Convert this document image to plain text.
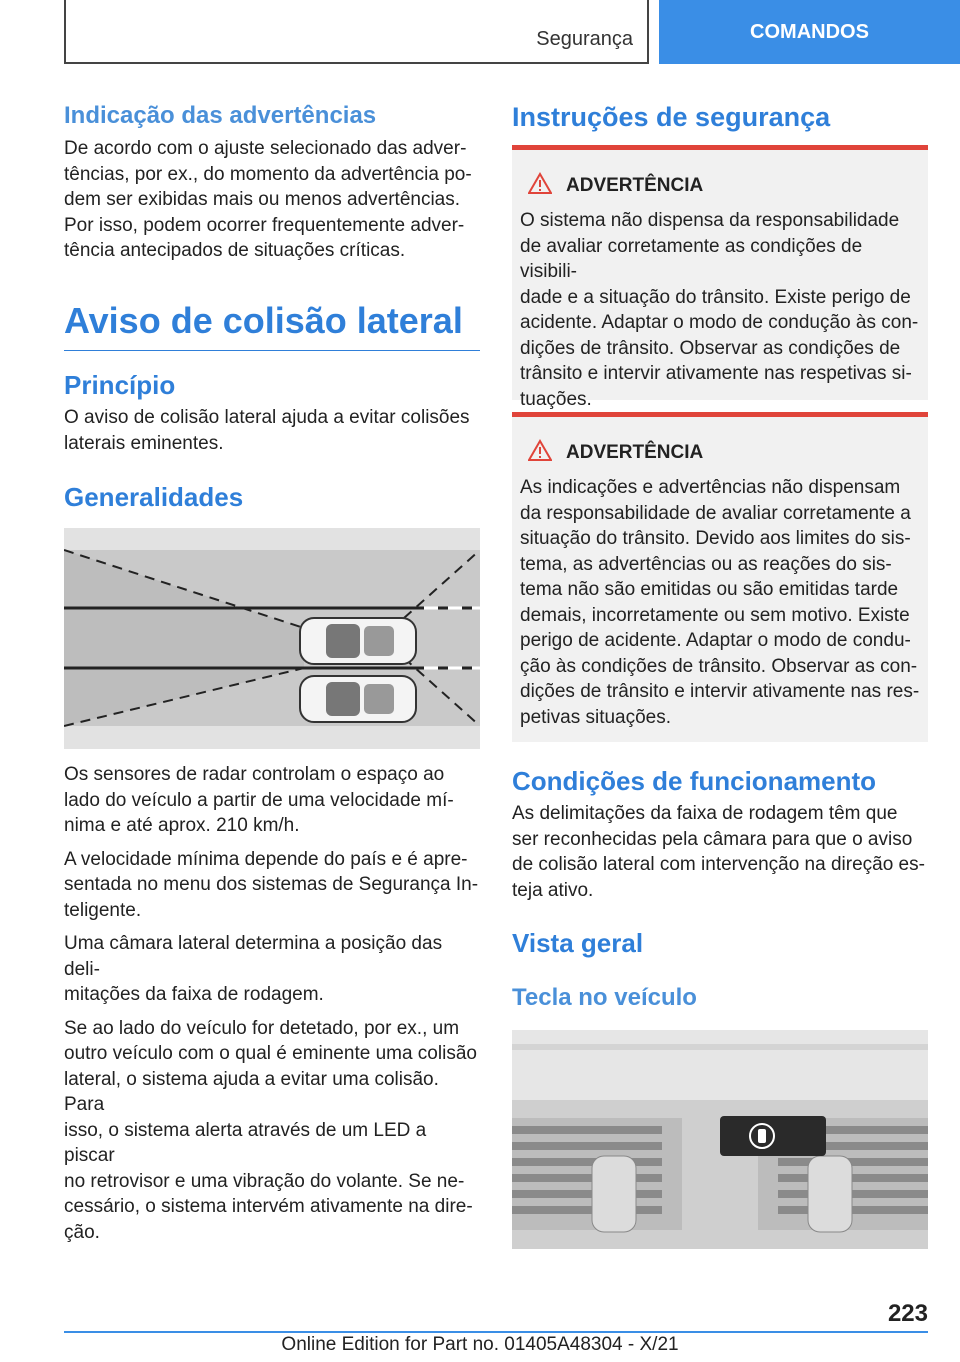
Segurança	COMANDOS
Indicação das advertências

De acordo com o ajuste selecionado das adver‐

tências, por ex., do momento da advertência po‐

dem ser exibidas mais ou menos advertências.

Por isso, podem ocorrer frequentemente adver‐

tência antecipados de situações críticas.

Aviso de colisão lateral
Princípio

O aviso de colisão lateral ajuda a evitar colisões

laterais eminentes.

Generalidades

Os sensores de radar controlam o espaço ao

lado do veículo a partir de uma velocidade mí‐

nima e até aprox. 210 km/h.

A velocidade mínima depende do país e é apre‐

sentada no menu dos sistemas de Segurança In‐

teligente.

Uma câmara lateral determina a posição das deli‐

mitações da faixa de rodagem.

Se ao lado do veículo for detetado, por ex., um

outro veículo com o qual é eminente uma colisão

lateral, o sistema ajuda a evitar uma colisão. Para

isso, o sistema alerta através de um LED a piscar

no retrovisor e uma vibração do volante. Se ne‐

cessário, o sistema intervém ativamente na dire‐

ção.

Instruções de segurança
ADVERTÊNCIA

O sistema não dispensa da responsabilidade

de avaliar corretamente as condições de visibili‐

dade e a situação do trânsito. Existe perigo de

acidente. Adaptar o modo de condução às con‐

dições de trânsito. Observar as condições de

trânsito e intervir ativamente nas respetivas si‐

tuações.

ADVERTÊNCIA

As indicações e advertências não dispensam

da responsabilidade de avaliar corretamente a

situação do trânsito. Devido aos limites do sis‐

tema, as advertências ou as reações do sis‐

tema não são emitidas ou são emitidas tarde

demais, incorretamente ou sem motivo. Existe

perigo de acidente. Adaptar o modo de condu‐

ção às condições de trânsito. Observar as con‐

dições de trânsito e intervir ativamente nas res‐

petivas situações.

Condições de funcionamento

As delimitações da faixa de rodagem têm que

ser reconhecidas pela câmara para que o aviso

de colisão lateral com intervenção na direção es‐

teja ativo.

Vista geral
Tecla no veículo
223
Online Edition for Part no. 01405A48304 - X/21
